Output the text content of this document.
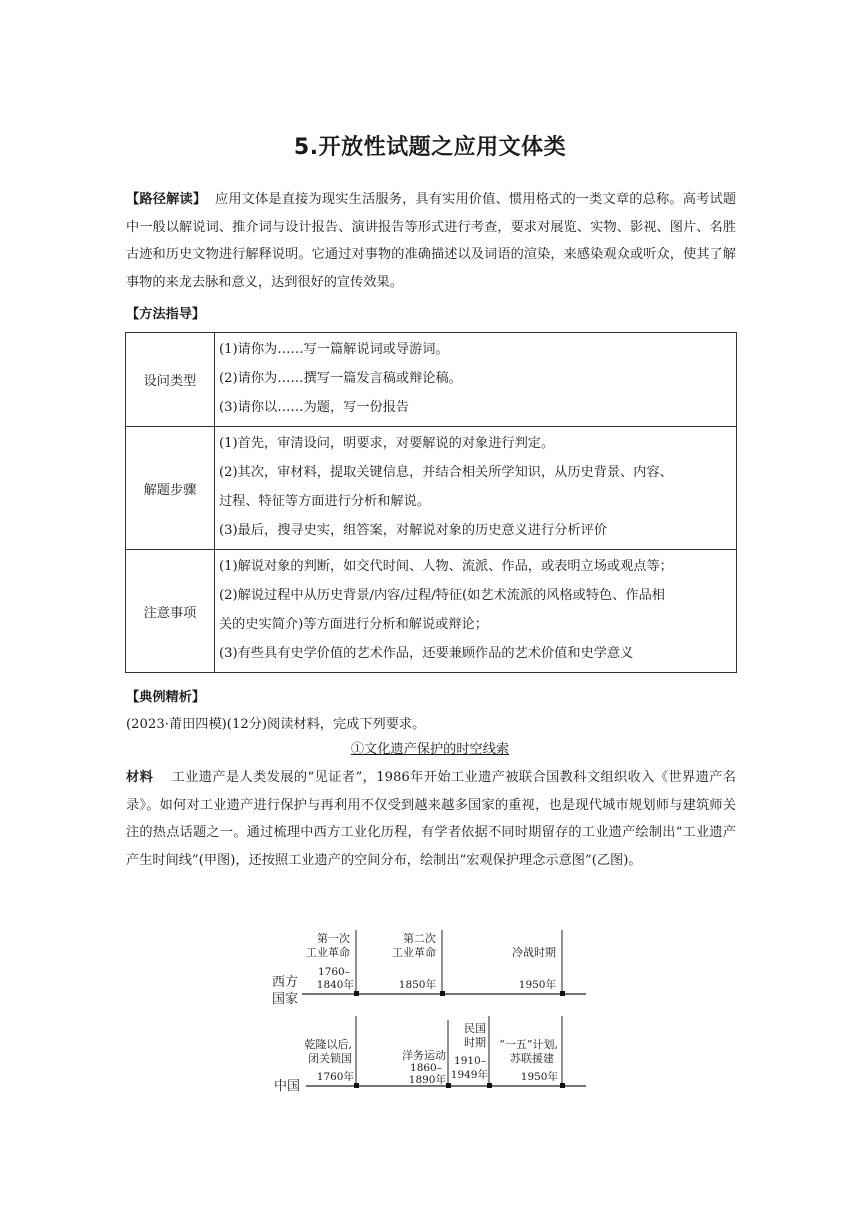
5.开放性试题之应用文体类

【路径解读】 应用文体是直接为现实生活服务，具有实用价值、惯用格式的一类文章的总称。高考试题中一般以解说词、推介词与设计报告、演讲报告等形式进行考查，要求对展览、实物、影视、图片、名胜古迹和历史文物进行解释说明。它通过对事物的准确描述以及词语的渲染，来感染观众或听众，使其了解事物的来龙去脉和意义，达到很好的宣传效果。

【方法指导】

设问类型	(1)请你为……写一篇解说词或导游词。
(2)请你为……撰写一篇发言稿或辩论稿。
(3)请你以……为题，写一份报告

解题步骤	(1)首先，审清设问，明要求，对要解说的对象进行判定。
(2)其次，审材料，提取关键信息，并结合相关所学知识，从历史背景、内容、
过程、特征等方面进行分析和解说。
(3)最后，搜寻史实，组答案，对解说对象的历史意义进行分析评价

注意事项	(1)解说对象的判断，如交代时间、人物、流派、作品，或表明立场或观点等；
(2)解说过程中从历史背景/内容/过程/特征(如艺术流派的风格或特色、作品相
关的史实简介)等方面进行分析和解说或辩论；
(3)有些具有史学价值的艺术作品，还要兼顾作品的艺术价值和史学意义

【典例精析】

(2023·莆田四模)(12分)阅读材料，完成下列要求。

①文化遗产保护的时空线索

材料 工业遗产是人类发展的“见证者”，1986年开始工业遗产被联合国教科文组织收入《世界遗产名录》。如何对工业遗产进行保护与再利用不仅受到越来越多国家的重视，也是现代城市规划师与建筑师关注的热点话题之一。通过梳理中西方工业化历程，有学者依据不同时期留存的工业遗产绘制出“工业遗产产生时间线”(甲图)，还按照工业遗产的空间分布，绘制出“宏观保护理念示意图”(乙图)。

西方
国家
第一次
工业革命
1760–
1840年
第二次
工业革命
1850年
冷战时期
1950年
中国
乾隆以后,
闭关锁国
1760年
洋务运动
1860–
1890年
民国
时期
1910–
1949年
“一五”计划,
苏联援建
1950年
